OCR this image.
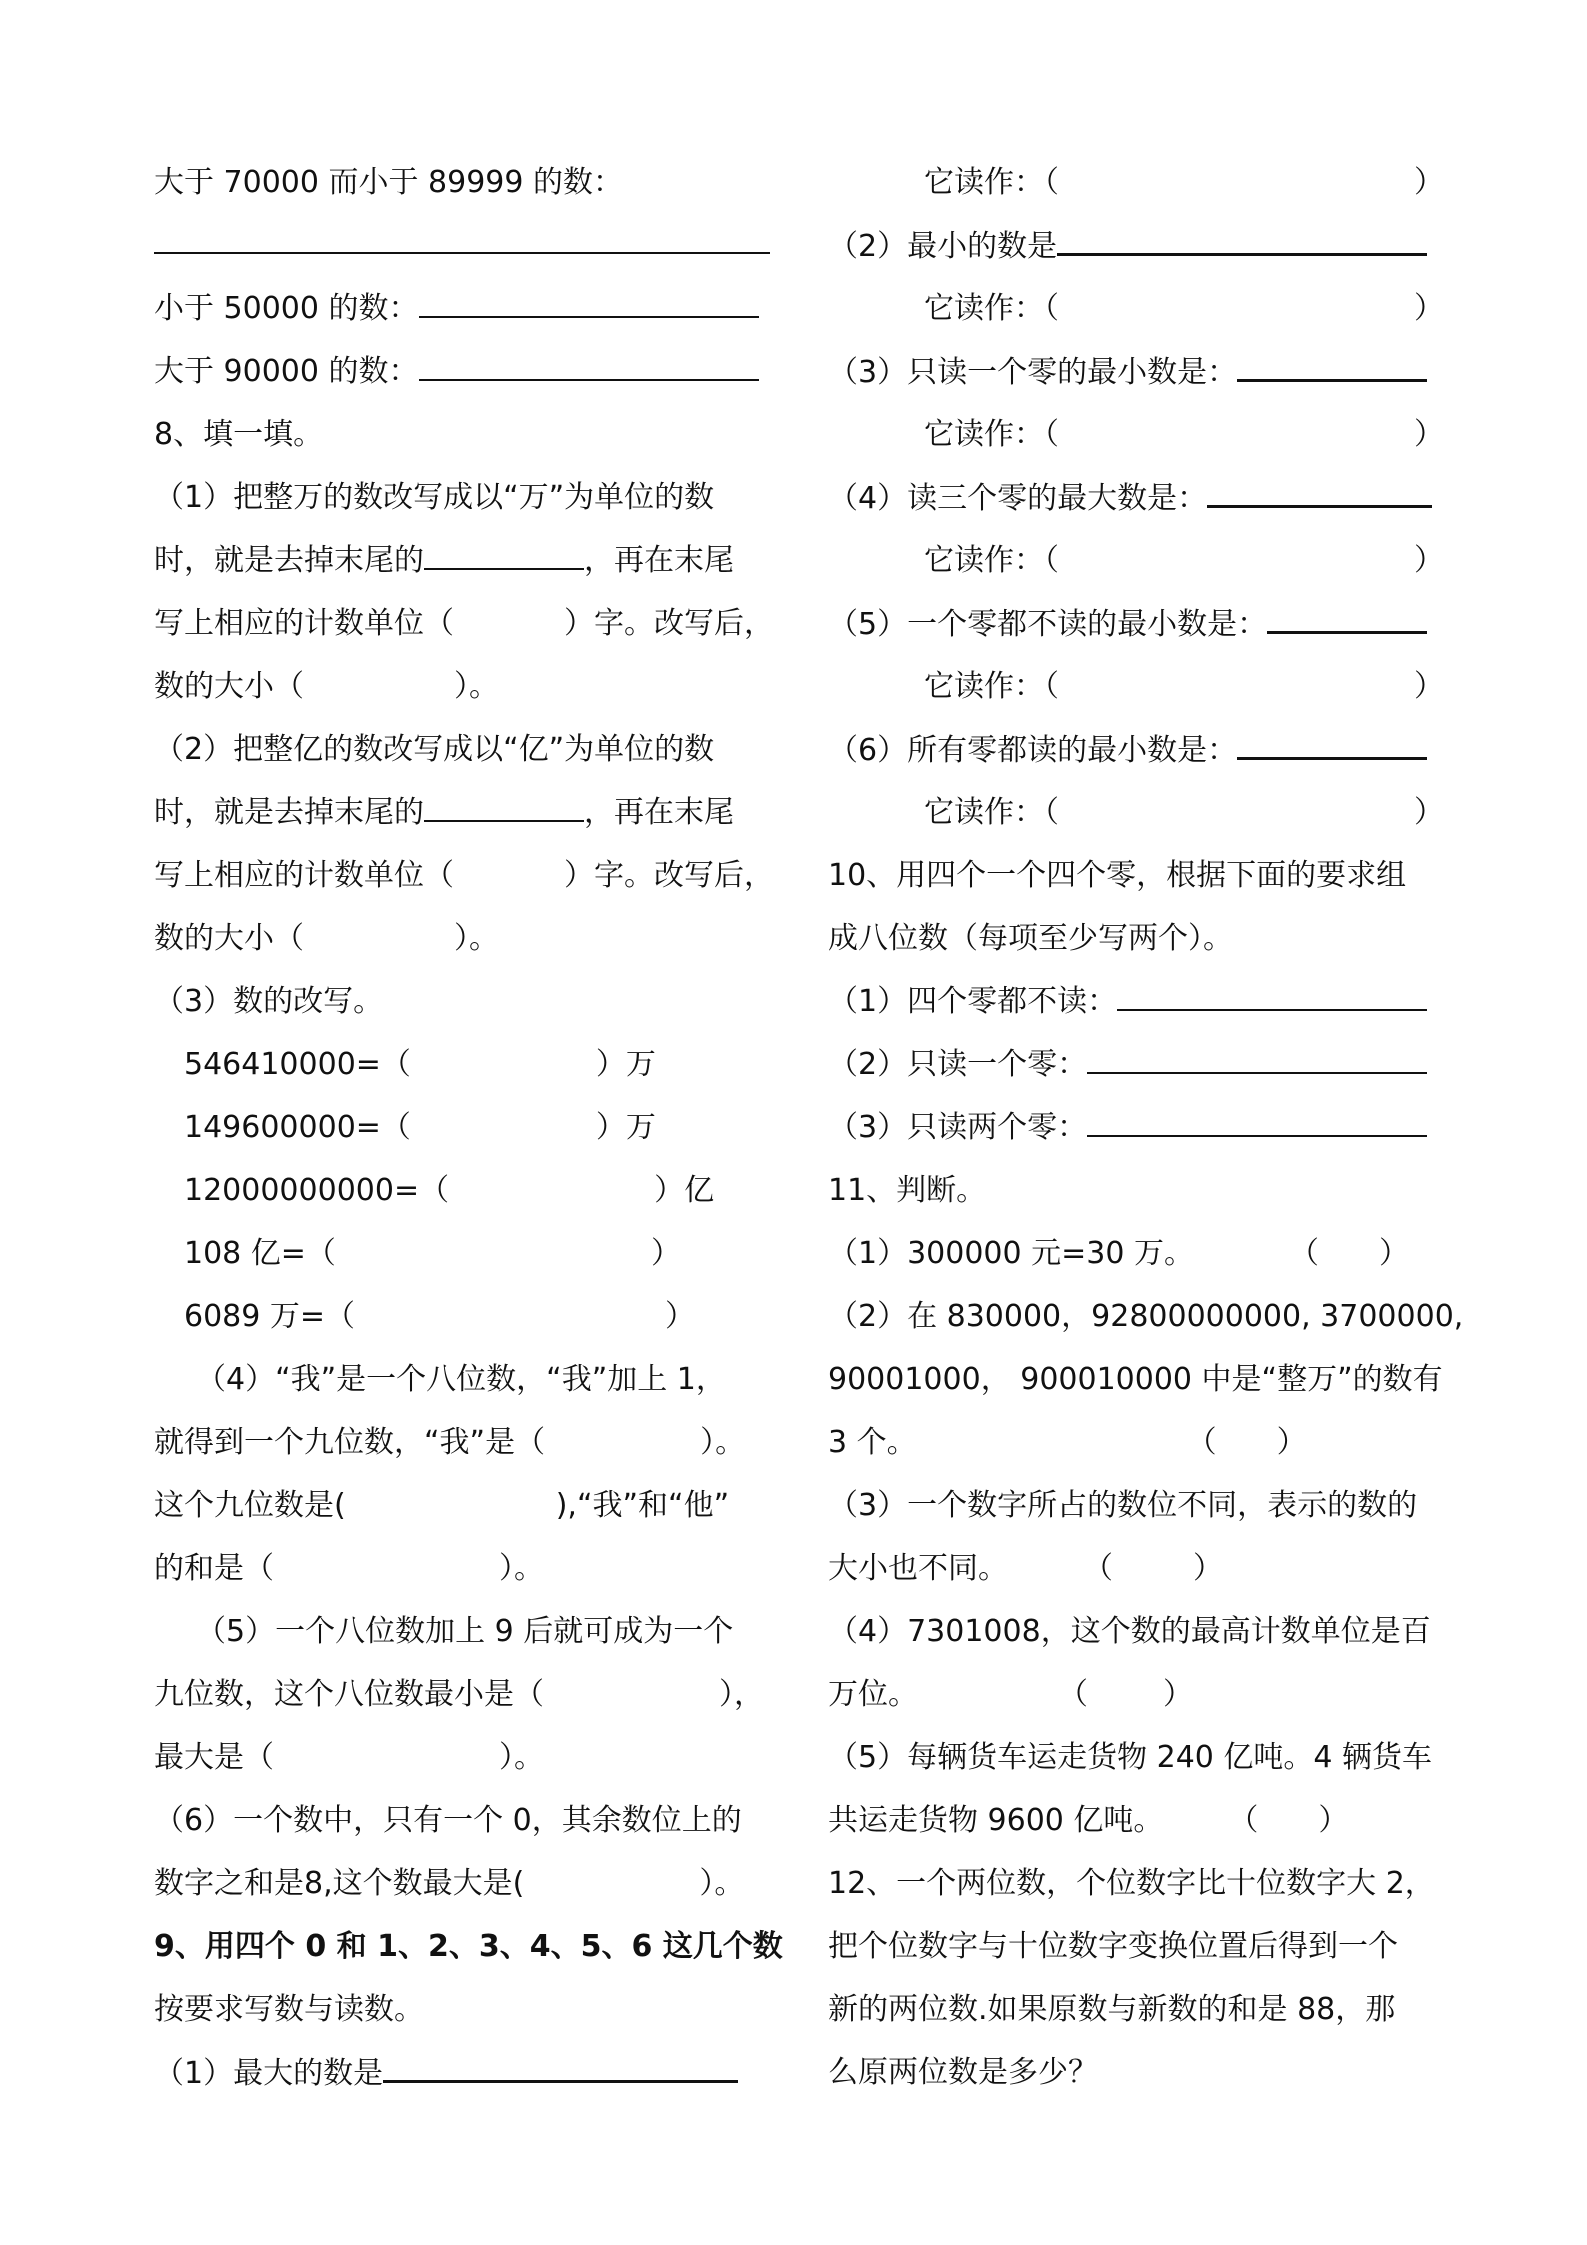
大于 70000 而小于 89999 的数：
小于 50000 的数：
大于 90000 的数：
8、填一填。
（1）把整万的数改写成以“万”为单位的数
时，就是去掉末尾的	，再在末尾
写上相应的计数单位（	）字。改写后，
数的大小（	）。
（2）把整亿的数改写成以“亿”为单位的数
时，就是去掉末尾的	，再在末尾
写上相应的计数单位（	）字。改写后，
数的大小（	）。
（3）数的改写。
546410000=（	）万
149600000=（	）万
12000000000=（	）亿
108 亿=（	）
6089 万=（	）
（4）“我”是一个八位数，“我”加上 1，
就得到一个九位数，“我”是（	）。
这个九位数是(	),“我”和“他”
的和是（	）。
（5）一个八位数加上 9 后就可成为一个
九位数，这个八位数最小是（	），
最大是（	）。
（6）一个数中，只有一个 0，其余数位上的
数字之和是8,这个数最大是(	）。
9、用四个 0 和 1、2、3、4、5、6 这几个数
按要求写数与读数。
（1）最大的数是
它读作：（	）
（2）最小的数是
它读作：（	）
（3）只读一个零的最小数是：
它读作：（	）
（4）读三个零的最大数是：
它读作：（	）
（5）一个零都不读的最小数是：
它读作：（	）
（6）所有零都读的最小数是：
它读作：（	）
10、用四个一个四个零，根据下面的要求组
成八位数（每项至少写两个）。
（1）四个零都不读：
（2）只读一个零：
（3）只读两个零：
11、判断。
（1）300000 元=30 万。	（ ）
（2）在 830000，92800000000, 3700000,
90001000， 900010000 中是“整万”的数有
3 个。	（ ）
（3）一个数字所占的数位不同，表示的数的
大小也不同。	（	）
（4）7301008，这个数的最高计数单位是百
万位。	（	）
（5）每辆货车运走货物 240 亿吨。4 辆货车
共运走货物 9600 亿吨。 （ ）
12、一个两位数，个位数字比十位数字大 2，
把个位数字与十位数字变换位置后得到一个
新的两位数.如果原数与新数的和是 88，那
么原两位数是多少？
